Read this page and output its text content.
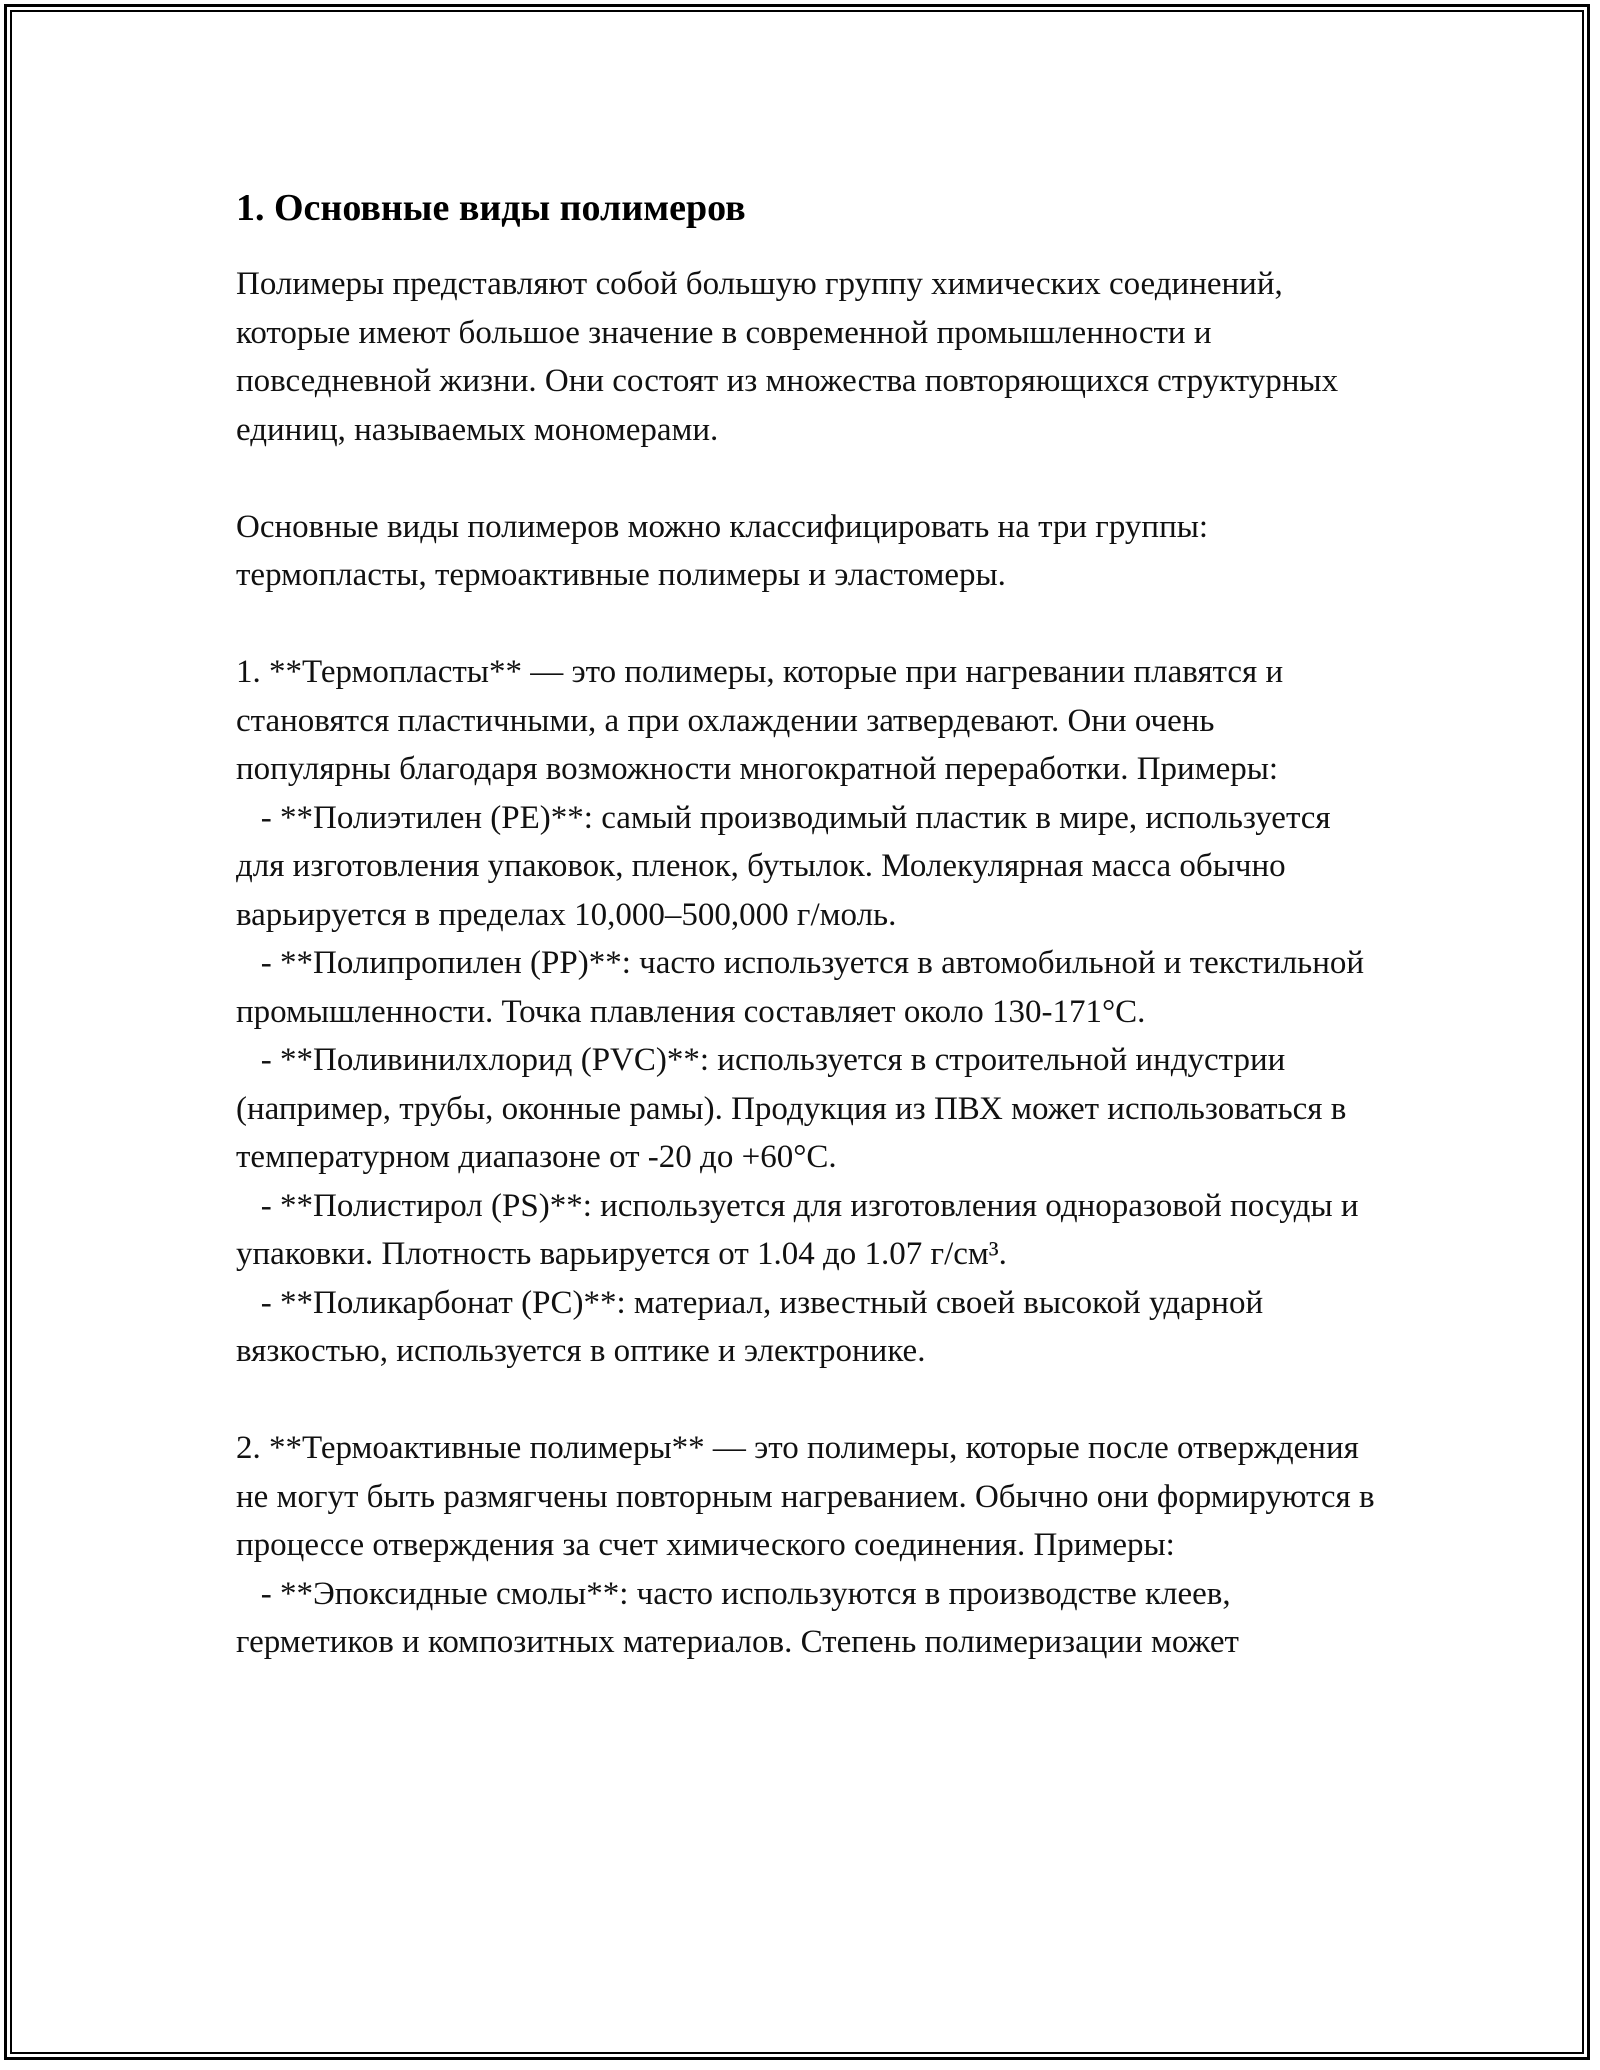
1. Основные виды полимеров

Полимеры представляют собой большую группу химических соединений, которые имеют большое значение в современной промышленности и повседневной жизни. Они состоят из множества повторяющихся структурных единиц, называемых мономерами.

Основные виды полимеров можно классифицировать на три группы: термопласты, термоактивные полимеры и эластомеры.

1. **Термопласты** — это полимеры, которые при нагревании плавятся и становятся пластичными, а при охлаждении затвердевают. Они очень популярны благодаря возможности многократной переработки. Примеры:
- **Полиэтилен (PE)**: самый производимый пластик в мире, используется для изготовления упаковок, пленок, бутылок. Молекулярная масса обычно варьируется в пределах 10,000–500,000 г/моль.
- **Полипропилен (PP)**: часто используется в автомобильной и текстильной промышленности. Точка плавления составляет около 130-171°C.
- **Поливинилхлорид (PVC)**: используется в строительной индустрии (например, трубы, оконные рамы). Продукция из ПВХ может использоваться в температурном диапазоне от -20 до +60°C.
- **Полистирол (PS)**: используется для изготовления одноразовой посуды и упаковки. Плотность варьируется от 1.04 до 1.07 г/см³.
- **Поликарбонат (PC)**: материал, известный своей высокой ударной вязкостью, используется в оптике и электронике.

2. **Термоактивные полимеры** — это полимеры, которые после отверждения не могут быть размягчены повторным нагреванием. Обычно они формируются в процессе отверждения за счет химического соединения. Примеры:
- **Эпоксидные смолы**: часто используются в производстве клеев, герметиков и композитных материалов. Степень полимеризации может
